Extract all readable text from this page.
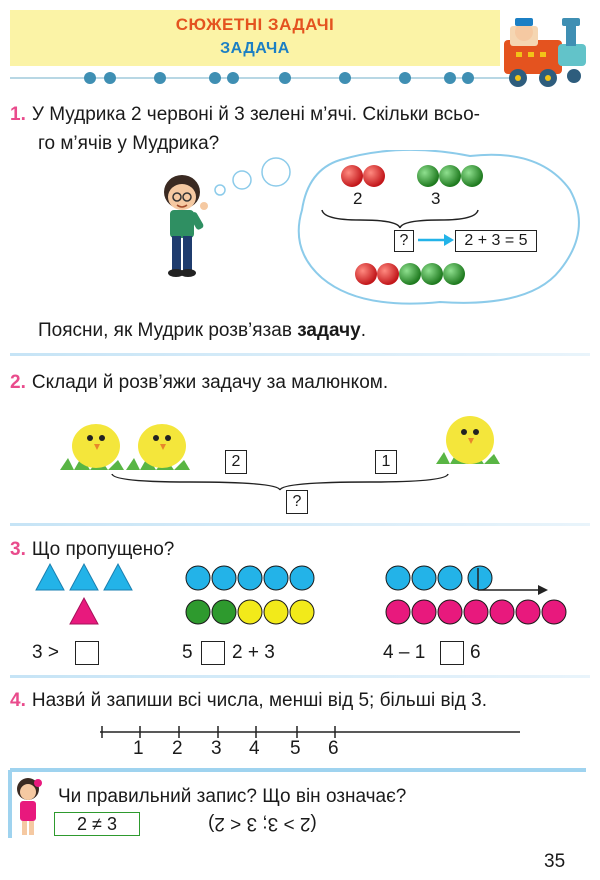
СЮЖЕТНІ ЗАДАЧІ
ЗАДАЧА
1. У Мудрика 2 червоні й 3 зелені м’ячі. Скільки всьо-
го м’ячів у Мудрика?
2	3
?	2 + 3 = 5
Поясни, як Мудрик розв’язав задачу.
2. Склади й розв’яжи задачу за малюнком.
2	1
?
3. Що пропущено?
3 >	5 2 + 3	4 – 1 6
4. Назви́ й запиши всі числа, менші від 5; більші від 3.
1 2 3 4 5 6
Чи правильний запис? Що він означає?
2 ≠ 3	(2 > 3; 3 < 2)
35
